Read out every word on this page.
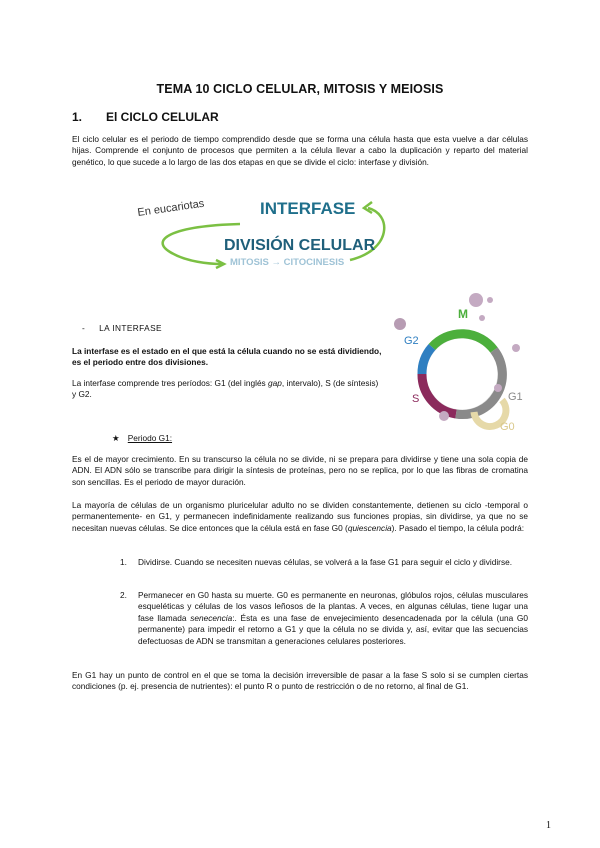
TEMA 10 CICLO CELULAR, MITOSIS Y MEIOSIS
1. El CICLO CELULAR
El ciclo celular es el periodo de tiempo comprendido desde que se forma una célula hasta que esta vuelve a dar células hijas. Comprende el conjunto de procesos que permiten a la célula llevar a cabo la duplicación y reparto del material genético, lo que sucede a lo largo de las dos etapas en que se divide el ciclo: interfase y división.
En eucariotas	INTERFASE
DIVISIÓN CELULAR
MITOSIS → CITOCINESIS
- LA INTERFASE
La interfase es el estado en el que está la célula cuando no se está dividiendo, es el periodo entre dos divisiones.
La interfase comprende tres períodos: G1 (del inglés gap, intervalo), S (de síntesis) y G2.
M
G2
S	G1
G0
★ Periodo G1:
Es el de mayor crecimiento. En su transcurso la célula no se divide, ni se prepara para dividirse y tiene una sola copia de ADN. El ADN sólo se transcribe para dirigir la síntesis de proteínas, pero no se replica, por lo que las fibras de cromatina son sencillas. Es el periodo de mayor duración.
La mayoría de células de un organismo pluricelular adulto no se dividen constantemente, detienen su ciclo -temporal o permanentemente- en G1, y permanecen indefinidamente realizando sus funciones propias, sin dividirse, ya que no se necesitan nuevas células. Se dice entonces que la célula está en fase G0 (quiescencia). Pasado el tiempo, la célula podrá:
1. Dividirse. Cuando se necesiten nuevas células, se volverá a la fase G1 para seguir el ciclo y dividirse.
2. Permanecer en G0 hasta su muerte. G0 es permanente en neuronas, glóbulos rojos, células musculares esqueléticas y células de los vasos leñosos de la plantas. A veces, en algunas células, tiene lugar una fase llamada senecencia:. Ésta es una fase de envejecimiento desencadenada por la célula (una G0 permanente) para impedir el retorno a G1 y que la célula no se divida y, así, evitar que las secuencias defectuosas de ADN se transmitan a generaciones celulares posteriores.
En G1 hay un punto de control en el que se toma la decisión irreversible de pasar a la fase S solo si se cumplen ciertas condiciones (p. ej. presencia de nutrientes): el punto R o punto de restricción o de no retorno, al final de G1.
1
